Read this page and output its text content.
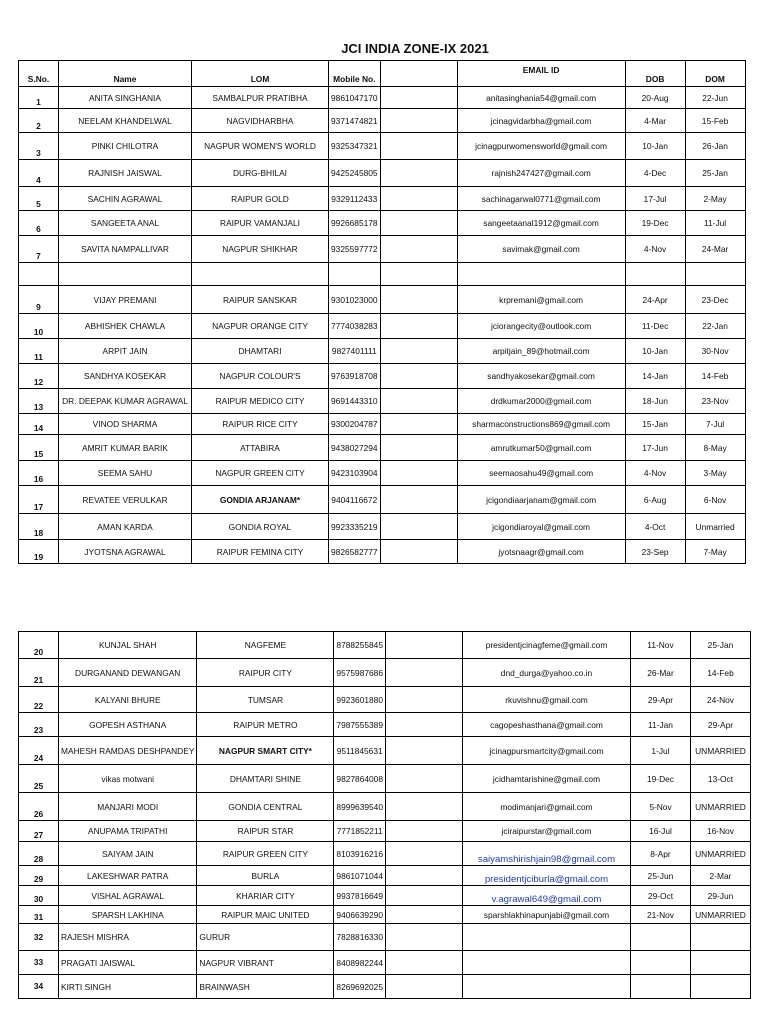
JCI INDIA ZONE-IX 2021
S.No.	Name	LOM	Mobile No.		EMAIL ID	DOB	DOM
1	ANITA SINGHANIA	SAMBALPUR PRATIBHA	9861047170		anitasinghania54@gmail.com	20-Aug	22-Jun
2	NEELAM KHANDELWAL	NAGVIDHARBHA	9371474821		jcinagvidarbha@gmail.com	4-Mar	15-Feb
3	PINKI CHILOTRA	NAGPUR WOMEN'S WORLD	9325347321		jcinagpurwomensworld@gmail.com	10-Jan	26-Jan
4	RAJNISH JAISWAL	DURG-BHILAI	9425245805		rajnish247427@gmail.com	4-Dec	25-Jan
5	SACHIN AGRAWAL	RAIPUR GOLD	9329112433		sachinagarwal0771@gmail.com	17-Jul	2-May
6	SANGEETA ANAL	RAIPUR VAMANJALI	9926685178		sangeetaanal1912@gmail.com	19-Dec	11-Jul
7	SAVITA NAMPALLIVAR	NAGPUR SHIKHAR	9325597772		savimak@gmail.com	4-Nov	24-Mar

9	VIJAY PREMANI	RAIPUR SANSKAR	9301023000		krpremani@gmail.com	24-Apr	23-Dec
10	ABHISHEK CHAWLA	NAGPUR ORANGE CITY	7774038283		jciorangecity@outlook.com	11-Dec	22-Jan
11	ARPIT JAIN	DHAMTARI	9827401111		arpitjain_89@hotmail.com	10-Jan	30-Nov
12	SANDHYA KOSEKAR	NAGPUR COLOUR'S	9763918708		sandhyakosekar@gmail.com	14-Jan	14-Feb
13	DR. DEEPAK KUMAR AGRAWAL	RAIPUR MEDICO CITY	9691443310		drdkumar2000@gmail.com	18-Jun	23-Nov
14	VINOD SHARMA	RAIPUR RICE CITY	9300204787		sharmaconstructions869@gmail.com	15-Jan	7-Jul
15	AMRIT KUMAR BARIK	ATTABIRA	9438027294		amrutkumar50@gmail.com	17-Jun	8-May
16	SEEMA SAHU	NAGPUR GREEN CITY	9423103904		seemaosahu49@gmail.com	4-Nov	3-May
17	REVATEE VERULKAR	GONDIA ARJANAM*	9404116672		jcigondiaarjanam@gmail.com	6-Aug	6-Nov
18	AMAN KARDA	GONDIA ROYAL	9923335219		jcigondiaroyal@gmail.com	4-Oct	Unmarried
19	JYOTSNA AGRAWAL	RAIPUR FEMINA CITY	9826582777		jyotsnaagr@gmail.com	23-Sep	7-May
20	KUNJAL SHAH	NAGFEME	8788255845		presidentjcinagfeme@gmail.com	11-Nov	25-Jan
21	DURGANAND DEWANGAN	RAIPUR CITY	9575987686		dnd_durga@yahoo.co.in	26-Mar	14-Feb
22	KALYANI BHURE	TUMSAR	9923601880		rkuvishnu@gmail.com	29-Apr	24-Nov
23	GOPESH ASTHANA	RAIPUR METRO	7987555389		cagopeshasthana@gmail.com	11-Jan	29-Apr
24	MAHESH RAMDAS DESHPANDEY	NAGPUR SMART CITY*	9511845631		jcinagpursmartcity@gmail.com	1-Jul	UNMARRIED
25	vikas motwani	DHAMTARI SHINE	9827864008		jcidhamtarishine@gmail.com	19-Dec	13-Oct
26	MANJARI MODI	GONDIA CENTRAL	8999639540		modimanjari@gmail.com	5-Nov	UNMARRIED
27	ANUPAMA TRIPATHI	RAIPUR STAR	7771852211		jciraipurstar@gmail.com	16-Jul	16-Nov
28	SAIYAM JAIN	RAIPUR GREEN CITY	8103916216		saiyamshirishjain98@gmail.com	8-Apr	UNMARRIED
29	LAKESHWAR PATRA	BURLA	9861071044		presidentjciburla@gmail.com	25-Jun	2-Mar
30	VISHAL AGRAWAL	KHARIAR CITY	9937816649		v.agrawal649@gmail.com	29-Oct	29-Jun
31	SPARSH LAKHINA	RAIPUR MAIC UNITED	9406639290		sparshlakhinapunjabi@gmail.com	21-Nov	UNMARRIED
32	RAJESH MISHRA	GURUR	7828816330				
33	PRAGATI JAISWAL	NAGPUR VIBRANT	8408982244				
34	KIRTI SINGH	BRAINWASH	8269692025				
